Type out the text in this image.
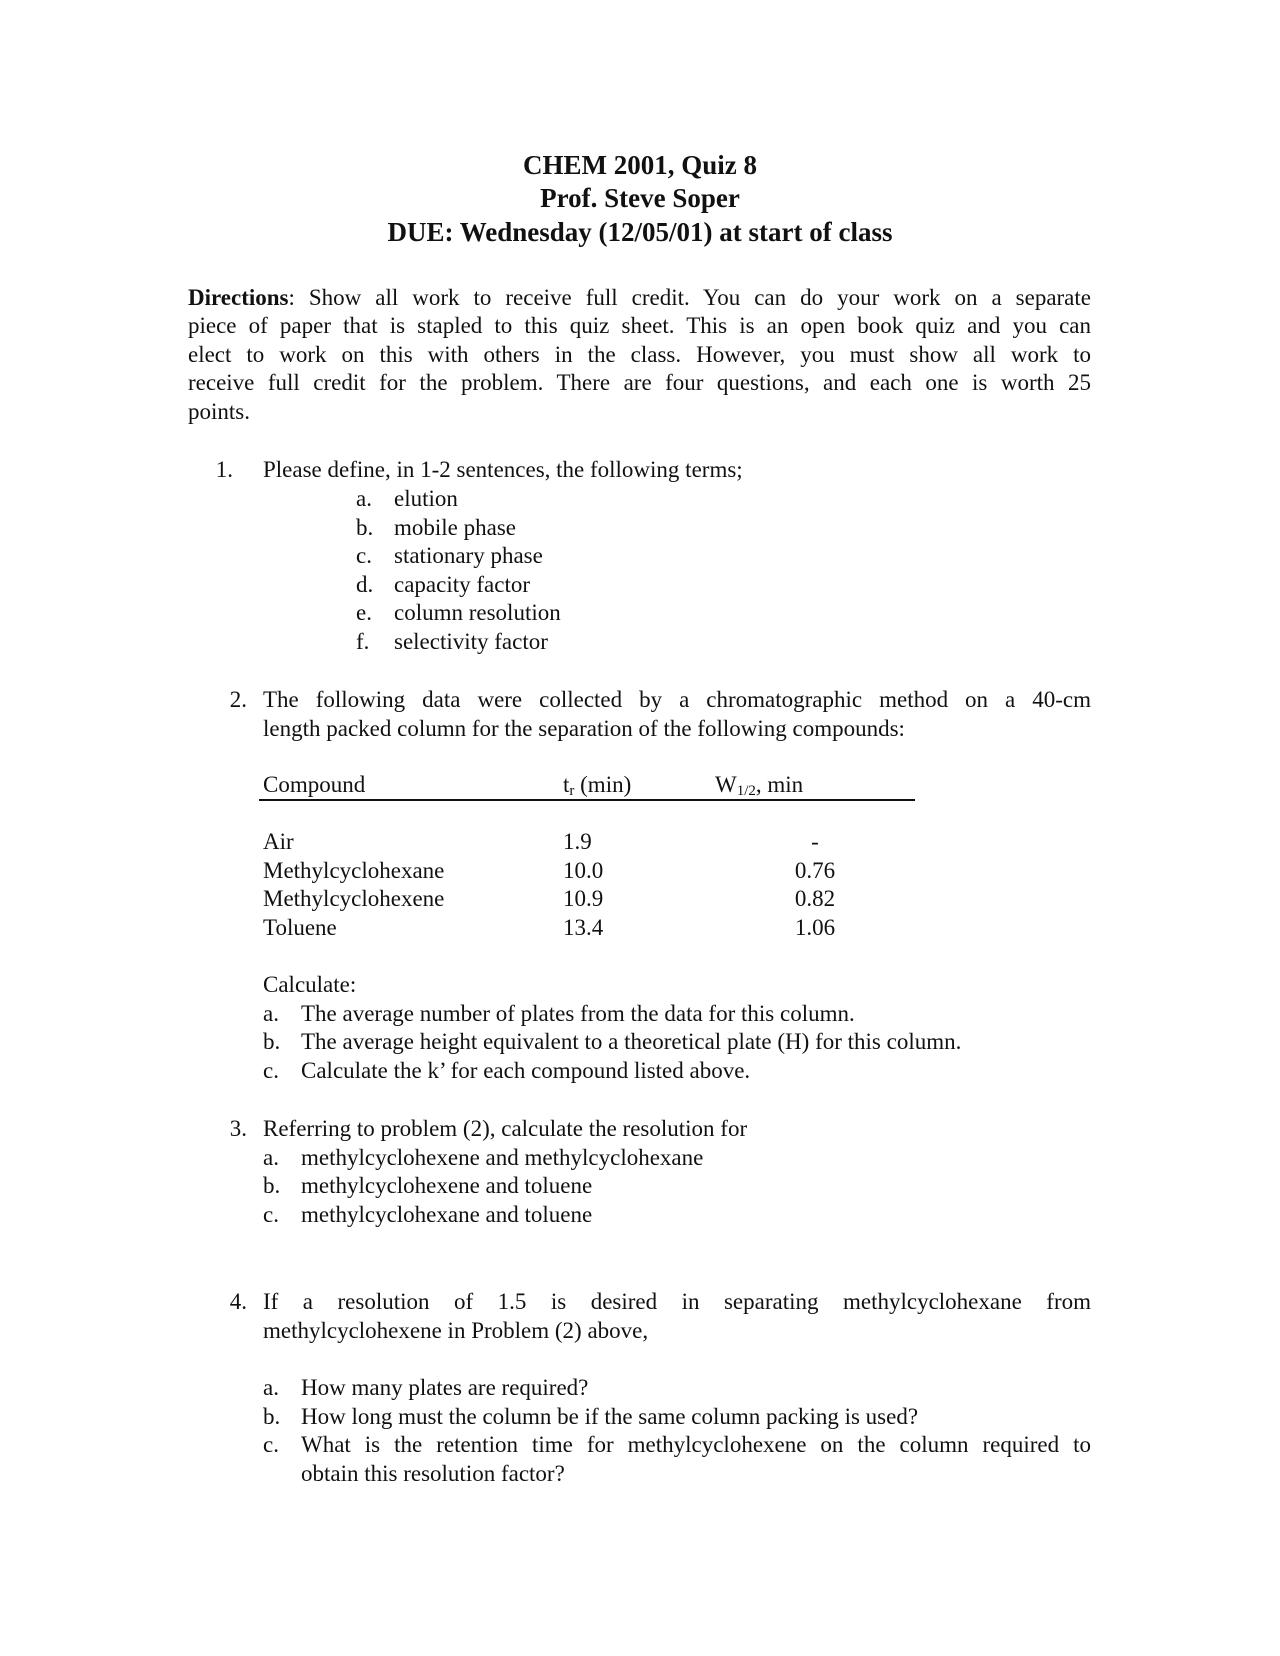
CHEM 2001, Quiz 8
Prof. Steve Soper
DUE: Wednesday (12/05/01) at start of class
Directions: Show all work to receive full credit. You can do your work on a separate
piece of paper that is stapled to this quiz sheet. This is an open book quiz and you can
elect to work on this with others in the class. However, you must show all work to
receive full credit for the problem. There are four questions, and each one is worth 25
points.
1. Please define, in 1-2 sentences, the following terms;
a. elution
b. mobile phase
c. stationary phase
d. capacity factor
e. column resolution
f.	selectivity factor
2. The following data were collected by a chromatographic method on a 40-cm
length packed column for the separation of the following compounds:
Compound	$t_r$ (min)	$W_{1/2}$, min
Air	1.9	-
Methylcyclohexane	10.0	0.76
Methylcyclohexene	10.9	0.82
Toluene	13.4	1.06
Calculate:
a. The average number of plates from the data for this column.
b. The average height equivalent to a theoretical plate (H) for this column.
c. Calculate the k’ for each compound listed above.
3. Referring to problem (2), calculate the resolution for
a. methylcyclohexene and methylcyclohexane
b. methylcyclohexene and toluene
c. methylcyclohexane and toluene
4. If a resolution of 1.5 is desired in separating methylcyclohexane from
methylcyclohexene in Problem (2) above,
a. How many plates are required?
b. How long must the column be if the same column packing is used?
c. What is the retention time for methylcyclohexene on the column required to
obtain this resolution factor?
